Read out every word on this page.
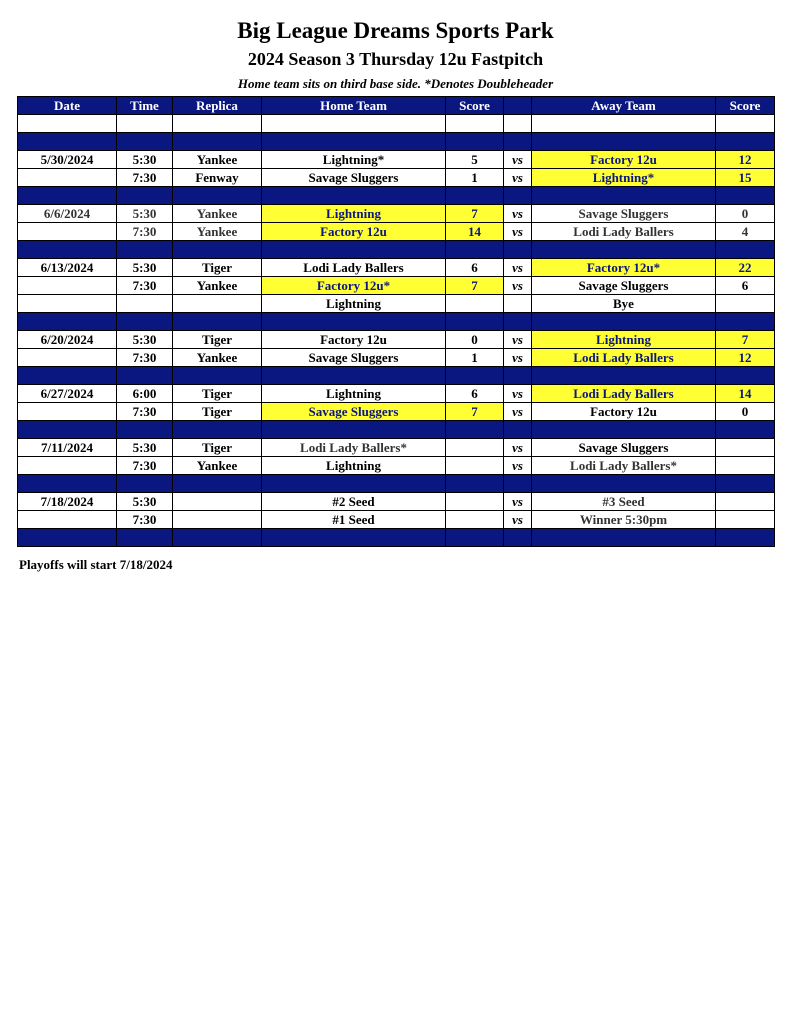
Big League Dreams Sports Park
2024 Season 3 Thursday 12u Fastpitch
Home team sits on third base side. *Denotes Doubleheader
Date	Time	Replica	Home Team	Score		Away Team	Score

5/30/2024	5:30	Yankee	Lightning*	5	vs	Factory 12u	12
	7:30	Fenway	Savage Sluggers	1	vs	Lightning*	15

6/6/2024	5:30	Yankee	Lightning	7	vs	Savage Sluggers	0
	7:30	Yankee	Factory 12u	14	vs	Lodi Lady Ballers	4

6/13/2024	5:30	Tiger	Lodi Lady Ballers	6	vs	Factory 12u*	22
	7:30	Yankee	Factory 12u*	7	vs	Savage Sluggers	6
			Lightning			Bye	

6/20/2024	5:30	Tiger	Factory 12u	0	vs	Lightning	7
	7:30	Yankee	Savage Sluggers	1	vs	Lodi Lady Ballers	12

6/27/2024	6:00	Tiger	Lightning	6	vs	Lodi Lady Ballers	14
	7:30	Tiger	Savage Sluggers	7	vs	Factory 12u	0

7/11/2024	5:30	Tiger	Lodi Lady Ballers*		vs	Savage Sluggers	
	7:30	Yankee	Lightning		vs	Lodi Lady Ballers*	

7/18/2024	5:30		#2 Seed		vs	#3 Seed	
	7:30		#1 Seed		vs	Winner 5:30pm	

Playoffs will start 7/18/2024
